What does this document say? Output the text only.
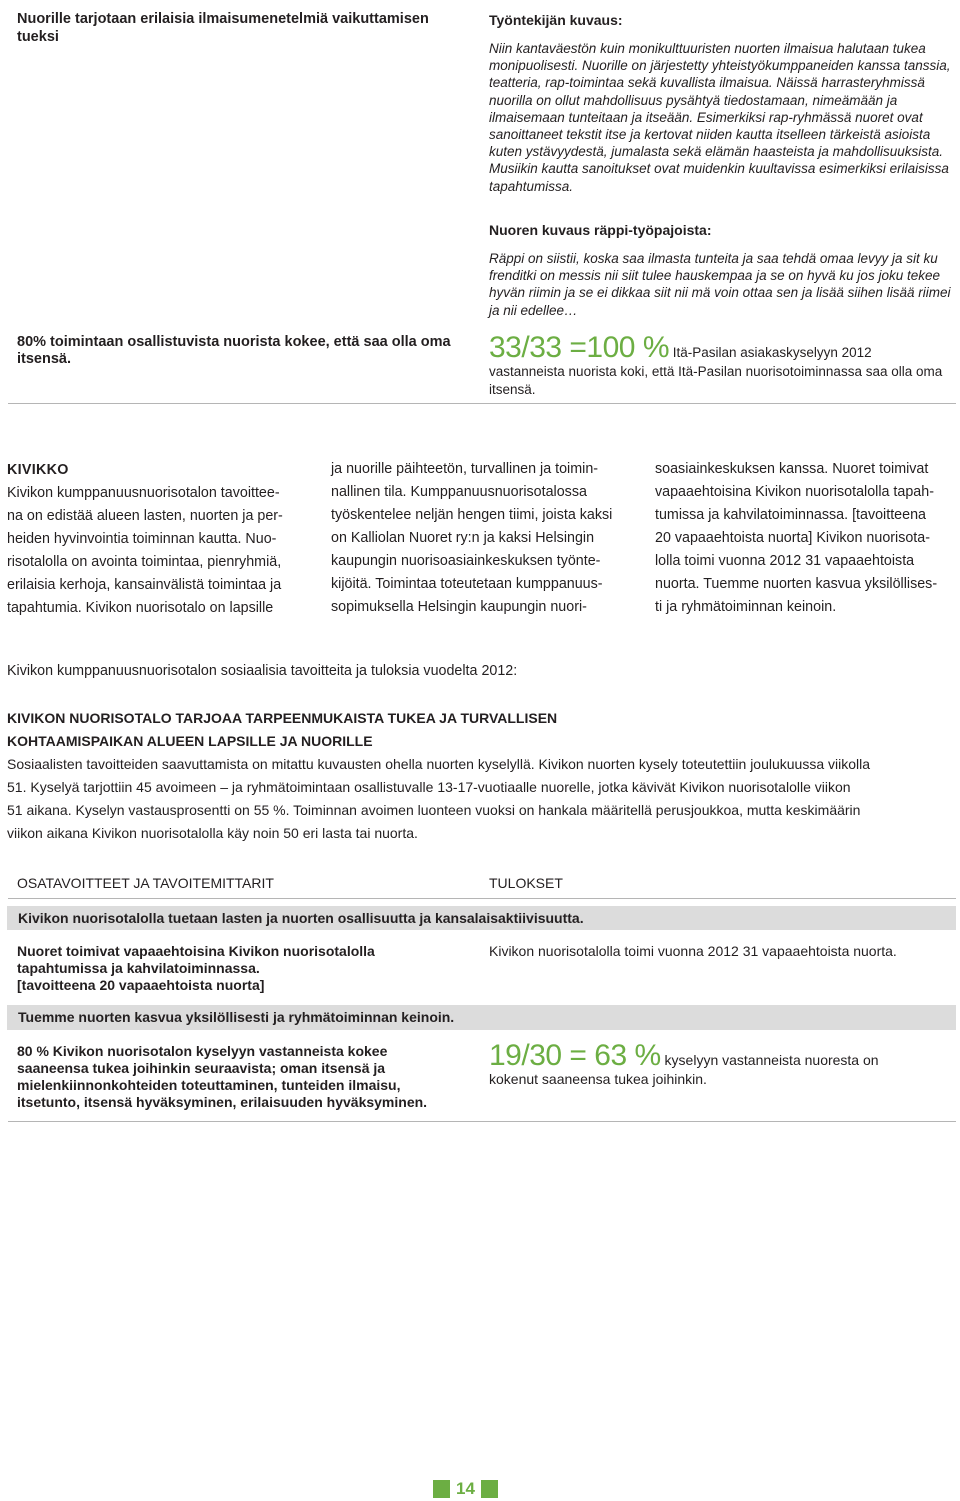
Nuorille tarjotaan erilaisia ilmaisumenetelmiä vaikuttamisen tueksi
Työntekijän kuvaus:
Niin kantaväestön kuin monikulttuuristen nuorten ilmaisua halutaan tukea monipuolisesti. Nuorille on järjestetty yhteistyökumppaneiden kanssa tanssia, teatteria, rap-toimintaa sekä kuvallista ilmaisua. Näissä harrasteryhmissä nuorilla on ollut mahdollisuus pysähtyä tiedostamaan, nimeämään ja ilmaisemaan tunteitaan ja itseään. Esimerkiksi rap-ryhmässä nuoret ovat sanoittaneet tekstit itse ja kertovat niiden kautta itselleen tärkeistä asioista kuten ystävyydestä, jumalasta sekä elämän haasteista ja mahdollisuuksista. Musiikin kautta sanoitukset ovat muidenkin kuultavissa esimerkiksi erilaisissa tapahtumissa.
Nuoren kuvaus räppi-työpajoista:
Räppi on siistii, koska saa ilmasta tunteita ja saa tehdä omaa levyy ja sit ku frenditki on messis nii siit tulee hauskempaa ja se on hyvä ku jos joku tekee hyvän riimin ja se ei dikkaa siit nii mä voin ottaa sen ja lisää siihen lisää riimei ja nii edellee…
80% toimintaan osallistuvista nuorista kokee, että saa olla oma itsensä.	33/33 =100 % Itä-Pasilan asiakaskyselyyn 2012
vastanneista nuorista koki, että Itä-Pasilan nuorisotoiminnassa saa olla oma itsensä.
KIVIKKO
Kivikon kumppanuusnuorisotalon tavoittee-
na on edistää alueen lasten, nuorten ja per-
heiden hyvinvointia toiminnan kautta. Nuo-
risotalolla on avointa toimintaa, pienryhmiä,
erilaisia kerhoja, kansainvälistä toimintaa ja
tapahtumia. Kivikon nuorisotalo on lapsille
ja nuorille päihteetön, turvallinen ja toimin-
nallinen tila. Kumppanuusnuorisotalossa
työskentelee neljän hengen tiimi, joista kaksi
on Kalliolan Nuoret ry:n ja kaksi Helsingin
kaupungin nuorisoasiainkeskuksen työnte-
kijöitä. Toimintaa toteutetaan kumppanuus-
sopimuksella Helsingin kaupungin nuori-
soasiainkeskuksen kanssa. Nuoret toimivat
vapaaehtoisina Kivikon nuorisotalolla tapah-
tumissa ja kahvilatoiminnassa. [tavoitteena
20 vapaaehtoista nuorta] Kivikon nuorisota-
lolla toimi vuonna 2012 31 vapaaehtoista
nuorta. Tuemme nuorten kasvua yksilöllises-
ti ja ryhmätoiminnan keinoin.
Kivikon kumppanuusnuorisotalon sosiaalisia tavoitteita ja tuloksia vuodelta 2012:
KIVIKON NUORISOTALO TARJOAA TARPEENMUKAISTA TUKEA JA TURVALLISEN
KOHTAAMISPAIKAN ALUEEN LAPSILLE JA NUORILLE
Sosiaalisten tavoitteiden saavuttamista on mitattu kuvausten ohella nuorten kyselyllä. Kivikon nuorten kysely toteutettiin joulukuussa viikolla
51. Kyselyä tarjottiin 45 avoimeen – ja ryhmätoimintaan osallistuvalle 13-17-vuotiaalle nuorelle, jotka kävivät Kivikon nuorisotalolle viikon
51 aikana. Kyselyn vastausprosentti on 55 %. Toiminnan avoimen luonteen vuoksi on hankala määritellä perusjoukkoa, mutta keskimäärin
viikon aikana Kivikon nuorisotalolla käy noin 50 eri lasta tai nuorta.
OSATAVOITTEET JA TAVOITEMITTARIT	TULOKSET
Kivikon nuorisotalolla tuetaan lasten ja nuorten osallisuutta ja kansalaisaktiivisuutta.
Nuoret toimivat vapaaehtoisina Kivikon nuorisotalolla
tapahtumissa ja kahvilatoiminnassa.
[tavoitteena 20 vapaaehtoista nuorta]
Kivikon nuorisotalolla toimi vuonna 2012 31 vapaaehtoista nuorta.
Tuemme nuorten kasvua yksilöllisesti ja ryhmätoiminnan keinoin.
80 % Kivikon nuorisotalon kyselyyn vastanneista kokee
saaneensa tukea joihinkin seuraavista; oman itsensä ja
mielenkiinnonkohteiden toteuttaminen, tunteiden ilmaisu,
itsetunto, itsensä hyväksyminen, erilaisuuden hyväksyminen.
19/30 = 63 % kyselyyn vastanneista nuoresta on
kokenut saaneensa tukea joihinkin.
14
